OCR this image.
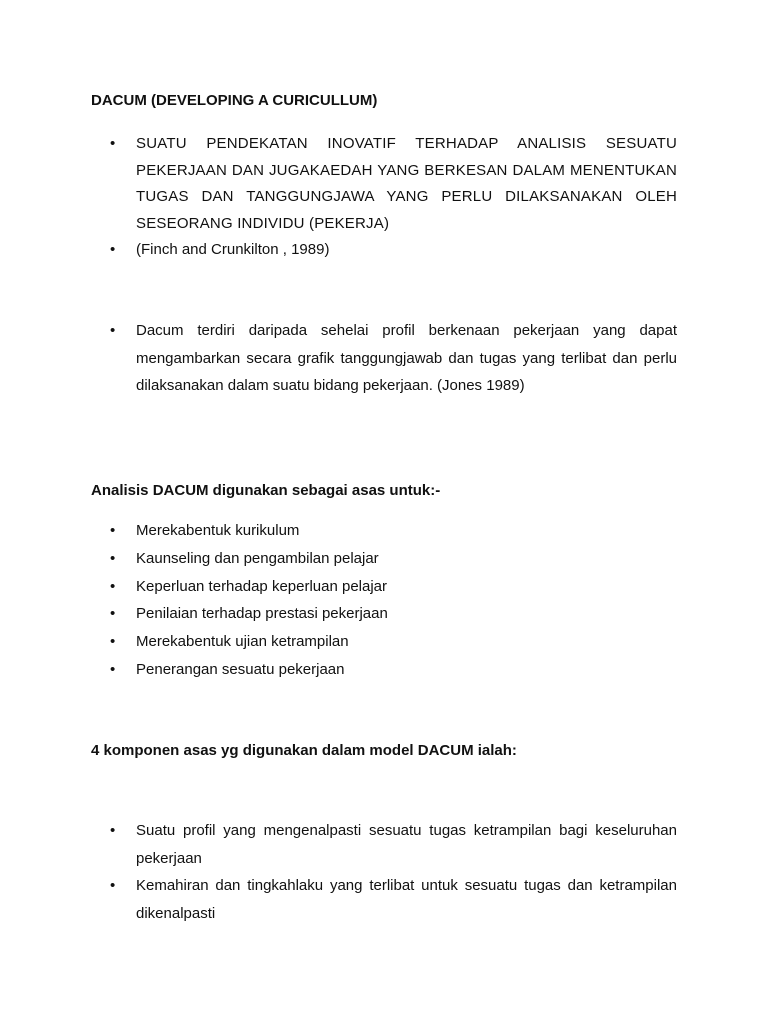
DACUM (DEVELOPING A CURICULLUM)
• SUATU PENDEKATAN INOVATIF TERHADAP ANALISIS SESUATU PEKERJAAN DAN JUGAKAEDAH YANG BERKESAN DALAM MENENTUKAN TUGAS DAN TANGGUNGJAWA YANG PERLU DILAKSANAKAN OLEH SESEORANG INDIVIDU (PEKERJA)
• (Finch and Crunkilton , 1989)
• Dacum terdiri daripada sehelai profil berkenaan pekerjaan yang dapat mengambarkan secara grafik tanggungjawab dan tugas yang terlibat dan perlu dilaksanakan dalam suatu bidang pekerjaan. (Jones 1989)
Analisis DACUM digunakan sebagai asas untuk:-
• Merekabentuk kurikulum
• Kaunseling dan pengambilan pelajar
• Keperluan terhadap keperluan pelajar
• Penilaian terhadap prestasi pekerjaan
• Merekabentuk ujian ketrampilan
• Penerangan sesuatu pekerjaan
4 komponen asas yg digunakan dalam model DACUM ialah:
• Suatu profil yang mengenalpasti sesuatu tugas ketrampilan bagi keseluruhan pekerjaan
• Kemahiran dan tingkahlaku yang terlibat untuk sesuatu tugas dan ketrampilan dikenalpasti
